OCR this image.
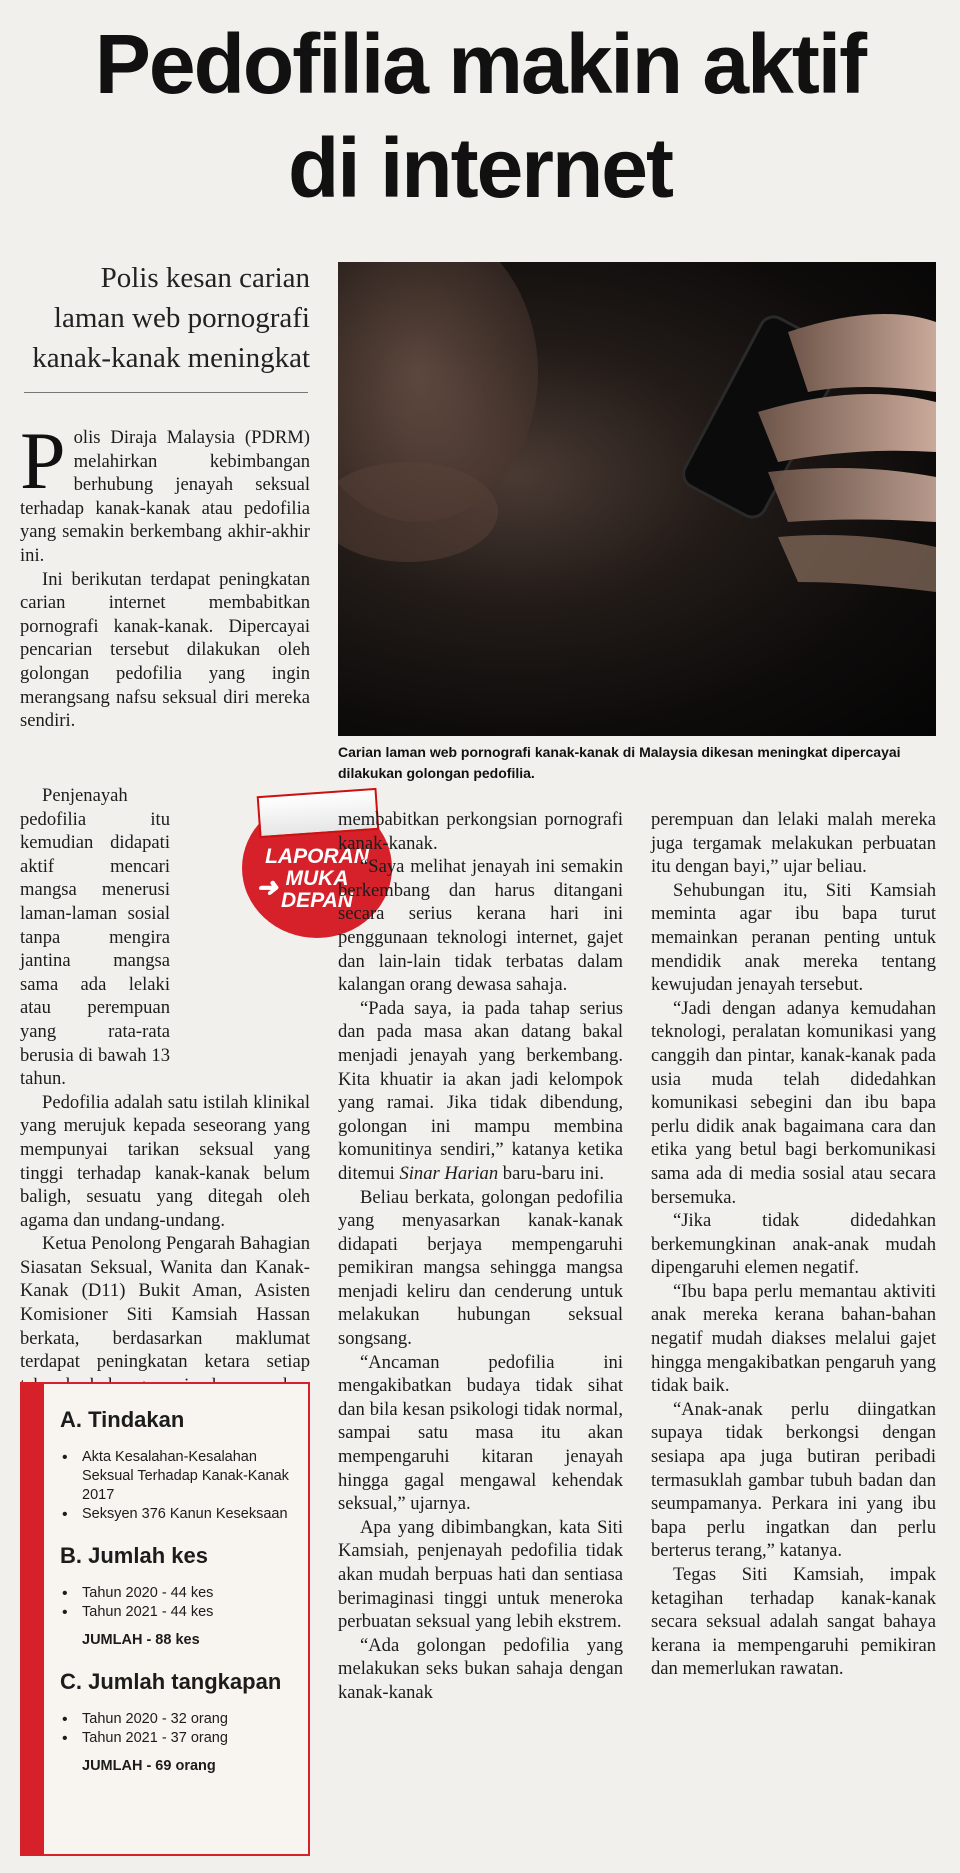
Pedofilia makin aktif
di internet
Polis kesan carian
laman web pornografi
kanak-kanak meningkat
Carian laman web pornografi kanak-kanak di Malaysia dikesan meningkat dipercayai dilakukan golongan pedofilia.

Polis Diraja Malaysia (PDRM) melahirkan kebimbangan berhubung jenayah seksual terhadap kanak-kanak atau pedofilia yang semakin berkembang akhir-akhir ini.

Ini berikutan terdapat peningkatan carian internet membabitkan pornografi kanak-kanak. Dipercayai pencarian tersebut dilakukan oleh golongan pedofilia yang ingin merangsang nafsu seksual diri mereka sendiri.

Penjenayah pedofilia itu kemudian didapati aktif mencari mangsa menerusi laman-laman sosial tanpa mengira jantina mangsa sama ada lelaki atau perempuan yang rata-rata berusia di bawah 13 tahun.

Pedofilia adalah satu istilah klinikal yang merujuk kepada seseorang yang mempunyai tarikan seksual yang tinggi terhadap kanak-kanak belum baligh, sesuatu yang ditegah oleh agama dan undang-undang.

Ketua Penolong Pengarah Bahagian Siasatan Seksual, Wanita dan Kanak-Kanak (D11) Bukit Aman, Asisten Komisioner Siti Kamsiah Hassan berkata, berdasarkan maklumat terdapat peningkatan ketara setiap

LAPORAN
MUKA
DEPAN
➜

membabitkan perkongsian pornografi kanak-kanak.

“Saya melihat jenayah ini semakin berkembang dan harus ditangani secara serius kerana hari ini penggunaan teknologi internet, gajet dan lain-lain tidak terbatas dalam kalangan orang dewasa sahaja.

“Pada saya, ia pada tahap serius dan pada masa akan datang bakal menjadi jenayah yang berkembang. Kita khuatir ia akan jadi kelompok yang ramai. Jika tidak dibendung, golongan ini mampu membina komunitinya sendiri,” katanya ketika ditemui Sinar Harian baru-baru ini.

Beliau berkata, golongan pedofilia yang menyasarkan kanak-kanak didapati berjaya mempengaruhi pemikiran mangsa sehingga mangsa menjadi keliru dan cenderung untuk melakukan hubungan seksual songsang.

“Ancaman pedofilia ini mengakibatkan budaya tidak sihat dan bila kesan psikologi tidak normal, sampai satu masa itu akan mempengaruhi kitaran jenayah hingga gagal mengawal kehendak seksual,” ujarnya.

Apa yang dibimbangkan, kata Siti Kamsiah, penjenayah pedofilia tidak akan mudah berpuas hati dan sentiasa berimaginasi tinggi untuk meneroka perbuatan seksual yang lebih ekstrem.

“Ada golongan pedofilia yang melakukan seks bukan sahaja dengan kanak-kanak

perempuan dan lelaki malah mereka juga tergamak melakukan perbuatan itu dengan bayi,” ujar beliau.

Sehubungan itu, Siti Kamsiah meminta agar ibu bapa turut memainkan peranan penting untuk mendidik anak mereka tentang kewujudan jenayah tersebut.

“Jadi dengan adanya kemudahan teknologi, peralatan komunikasi yang canggih dan pintar, kanak-kanak pada usia muda telah didedahkan komunikasi sebegini dan ibu bapa perlu didik anak bagaimana cara dan etika yang betul bagi berkomunikasi sama ada di media sosial atau secara bersemuka.

“Jika tidak didedahkan berkemungkinan anak-anak mudah dipengaruhi elemen negatif.

“Ibu bapa perlu memantau aktiviti anak mereka kerana bahan-bahan negatif mudah diakses melalui gajet hingga mengakibatkan pengaruh yang tidak baik.

“Anak-anak perlu diingatkan supaya tidak berkongsi dengan sesiapa apa juga butiran peribadi termasuklah gambar tubuh badan dan seumpamanya. Perkara ini yang ibu bapa perlu ingatkan dan perlu berterus terang,” katanya.

Tegas Siti Kamsiah, impak ketagihan terhadap kanak-kanak secara seksual adalah sangat bahaya kerana ia mempengaruhi pemikiran dan memerlukan rawatan.

A. Tindakan
• Akta Kesalahan-Kesalahan Seksual Terhadap Kanak-Kanak 2017
• Seksyen 376 Kanun Keseksaan
B. Jumlah kes
• Tahun 2020 - 44 kes
• Tahun 2021 - 44 kes
JUMLAH - 88 kes
C. Jumlah tangkapan
• Tahun 2020 - 32 orang
• Tahun 2021 - 37 orang
JUMLAH - 69 orang
